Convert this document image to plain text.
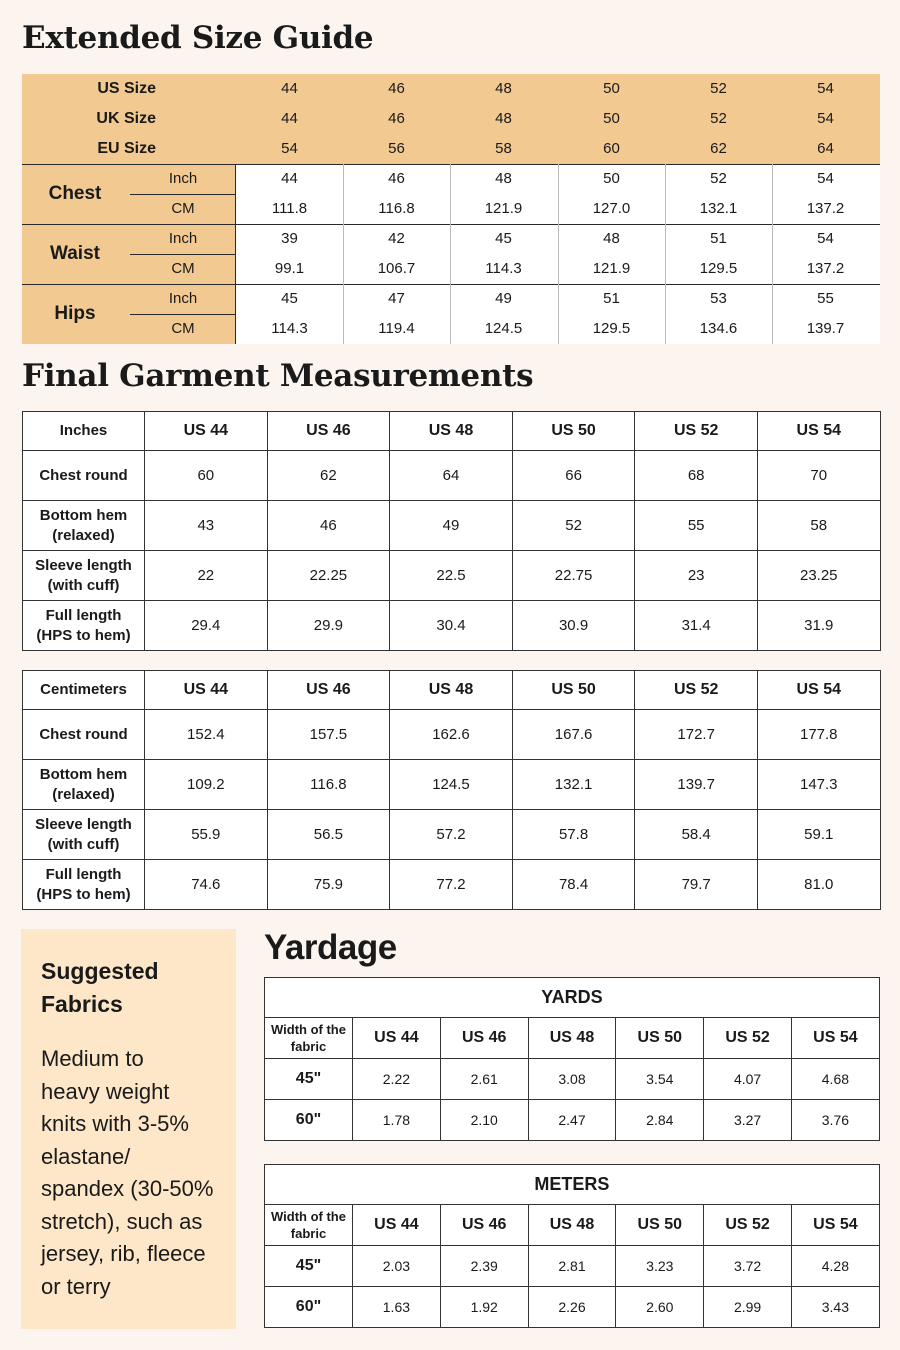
Extended Size Guide
US Size	44	46	48	50	52	54
UK Size	44	46	48	50	52	54
EU Size	54	56	58	60	62	64
Chest
Inch	44	46	48	50	52	54
CM	111.8	116.8	121.9	127.0	132.1	137.2
Waist
Inch	39	42	45	48	51	54
CM	99.1	106.7	114.3	121.9	129.5	137.2
Hips
Inch	45	47	49	51	53	55
CM	114.3	119.4	124.5	129.5	134.6	139.7
Final Garment Measurements
Inches	US 44	US 46	US 48	US 50	US 52	US 54

Chest round	60	62	64	66	68	70

Bottom hem
(relaxed)	43	46	49	52	55	58

Sleeve length
(with cuff)	22	22.25	22.5	22.75	23	23.25

Full length
(HPS to hem)	29.4	29.9	30.4	30.9	31.4	31.9
Centimeters	US 44	US 46	US 48	US 50	US 52	US 54

Chest round	152.4	157.5	162.6	167.6	172.7	177.8

Bottom hem
(relaxed)	109.2	116.8	124.5	132.1	139.7	147.3

Sleeve length
(with cuff)	55.9	56.5	57.2	57.8	58.4	59.1

Full length
(HPS to hem)	74.6	75.9	77.2	78.4	79.7	81.0
Suggested
Fabrics
Medium to
heavy weight
knits with 3-5%
elastane/
spandex (30-50%
stretch), such as
jersey, rib, fleece
or terry
Yardage
YARDS						

Width of the
fabric	US 44	US 46	US 48	US 50	US 52	US 54
45"	2.22	2.61	3.08	3.54	4.07	4.68
60"	1.78	2.10	2.47	2.84	3.27	3.76
METERS						

Width of the
fabric	US 44	US 46	US 48	US 50	US 52	US 54
45"	2.03	2.39	2.81	3.23	3.72	4.28
60"	1.63	1.92	2.26	2.60	2.99	3.43
